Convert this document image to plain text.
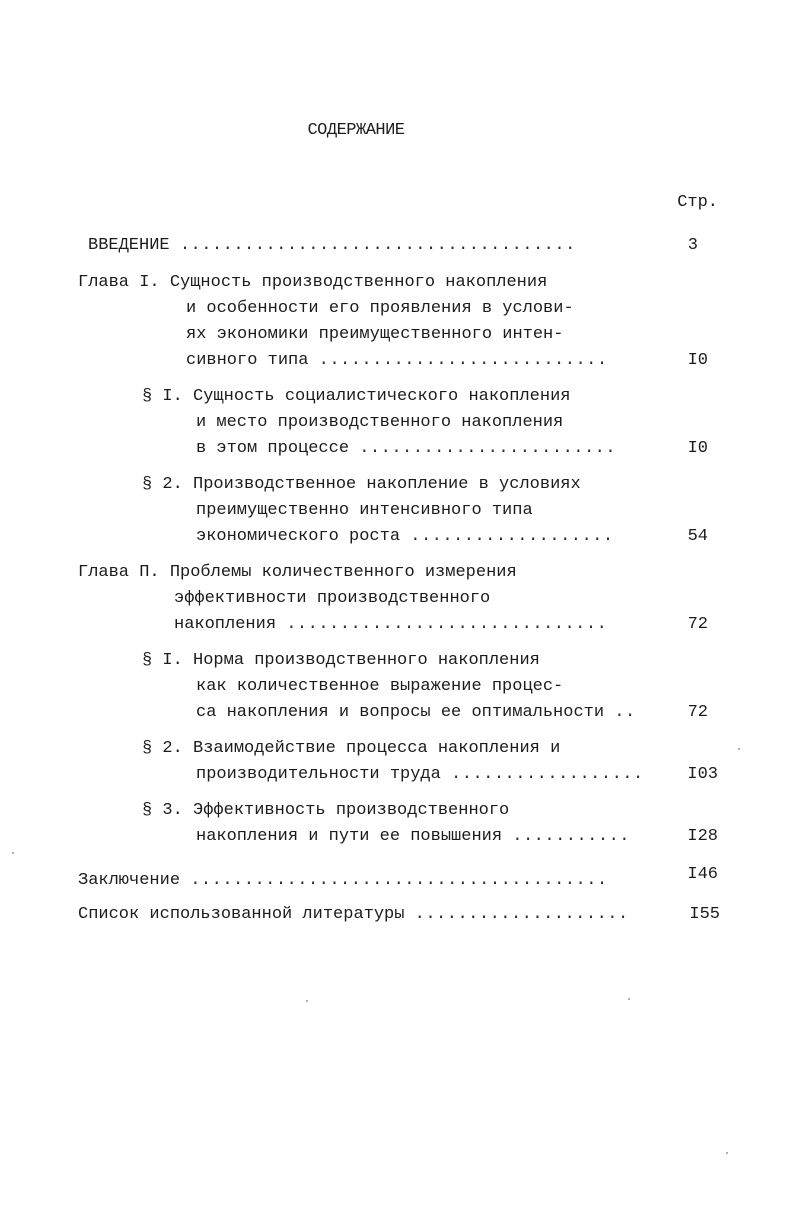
СОДЕРЖАНИЕ
Стр.
ВВЕДЕНИЕ .....................................	3
Глава I. Сущность производственного накопления
и особенности его проявления в услови-
ях экономики преимущественного интен-
сивного типа ...........................	I0
§ I. Сущность социалистического накопления
и место производственного накопления
в этом процессе ........................	I0
§ 2. Производственное накопление в условиях
преимущественно интенсивного типа
экономического роста ...................	54
Глава П. Проблемы количественного измерения
эффективности производственного
накопления ..............................	72
§ I. Норма производственного накопления
как количественное выражение процес-
са накопления и вопросы ее оптимальности ..	72
§ 2. Взаимодействие процесса накопления и
производительности труда ..................	I03
§ 3. Эффективность производственного
накопления и пути ее повышения ...........	I28
Заключение .......................................	I46
Список использованной литературы ....................	I55
